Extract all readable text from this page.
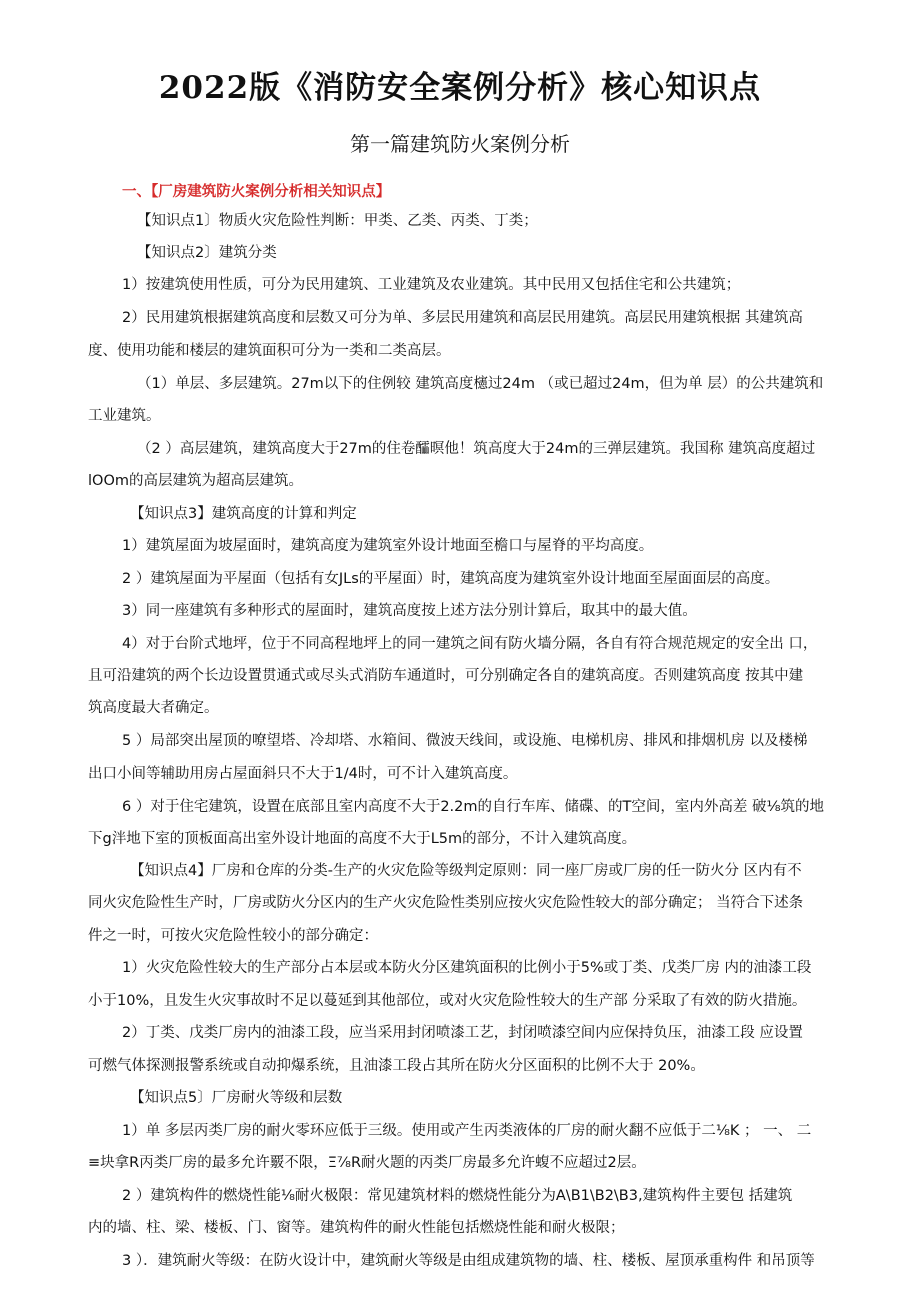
2022版《消防安全案例分析》核心知识点
第一篇建筑防火案例分析
一、【厂房建筑防火案例分析相关知识点】
【知识点1〕物质火灾危险性判断：甲类、乙类、丙类、丁类；
【知识点2〕建筑分类
1）按建筑使用性质，可分为民用建筑、工业建筑及农业建筑。其中民用又包括住宅和公共建筑；
2）民用建筑根据建筑高度和层数又可分为单、多层民用建筑和高层民用建筑。高层民用建筑根据 其建筑高
度、使用功能和楼层的建筑面积可分为一类和二类高层。
（1）单层、多层建筑。27m以下的住例较 建筑高度櫶过24m （或已超过24m，但为单 层）的公共建筑和
工业建筑。
（2 ）高层建筑，建筑高度大于27m的住卷醽暝他！筑高度大于24m的三弹层建筑。我国称 建筑高度超过
lOOm的高层建筑为超高层建筑。
【知识点3】建筑高度的计算和判定
1）建筑屋面为坡屋面时，建筑高度为建筑室外设计地面至檐口与屋脊的平均高度。
2 ）建筑屋面为平屋面（包括有女JLs的平屋面）时，建筑高度为建筑室外设计地面至屋面面层的高度。
3）同一座建筑有多种形式的屋面时，建筑高度按上述方法分别计算后，取其中的最大值。
4）对于台阶式地坪，位于不同高程地坪上的同一建筑之间有防火墙分隔，各自有符合规范规定的安全出 口，
且可沿建筑的两个长边设置贯通式或尽头式消防车通道时，可分别确定各自的建筑高度。否则建筑高度 按其中建
筑高度最大者确定。
5 ）局部突出屋顶的嘹望塔、冷却塔、水箱间、微波天线间，或设施、电梯机房、排风和排烟机房 以及楼梯
出口小间等辅助用房占屋面斜只不大于1/4时，可不计入建筑高度。
6 ）对于住宅建筑，设置在底部且室内高度不大于2.2m的自行车库、储碟、的T空间，室内外高差 破⅛筑的地
下g泮地下室的顶板面高出室外设计地面的高度不大于L5m的部分，不计入建筑高度。
【知识点4】厂房和仓库的分类-生产的火灾危险等级判定原则：同一座厂房或厂房的任一防火分 区内有不
同火灾危险性生产时，厂房或防火分区内的生产火灾危险性类别应按火灾危险性较大的部分确定； 当符合下述条
件之一时，可按火灾危险性较小的部分确定：
1）火灾危险性较大的生产部分占本层或本防火分区建筑面积的比例小于5%或丁类、戊类厂房 内的油漆工段
小于10%，且发生火灾事故时不足以蔓延到其他部位，或对火灾危险性较大的生产部 分采取了有效的防火措施。
2）丁类、戊类厂房内的油漆工段，应当采用封闭喷漆工艺，封闭喷漆空间内应保持负压，油漆工段 应设置
可燃气体探测报警系统或自动抑爆系统，且油漆工段占其所在防火分区面积的比例不大于 20%。
【知识点5〕厂房耐火等级和层数
1）单 多层丙类厂房的耐火零环应低于三级。使用或产生丙类液体的厂房的耐火翻不应低于二⅛K ； 一、 二
≡块拿R丙类厂房的最多允许覈不限，Ξ⅞R耐火题的丙类厂房最多允许蝮不应超过2层。
2 ）建筑构件的燃烧性能⅛耐火极限：常见建筑材料的燃烧性能分为A\B1\B2\B3,建筑构件主要包 括建筑
内的墙、柱、梁、楼板、门、窗等。建筑构件的耐火性能包括燃烧性能和耐火极限；
3 ）．建筑耐火等级：在防火设计中，建筑耐火等级是由组成建筑物的墙、柱、楼板、屋顶承重构件 和吊顶等
